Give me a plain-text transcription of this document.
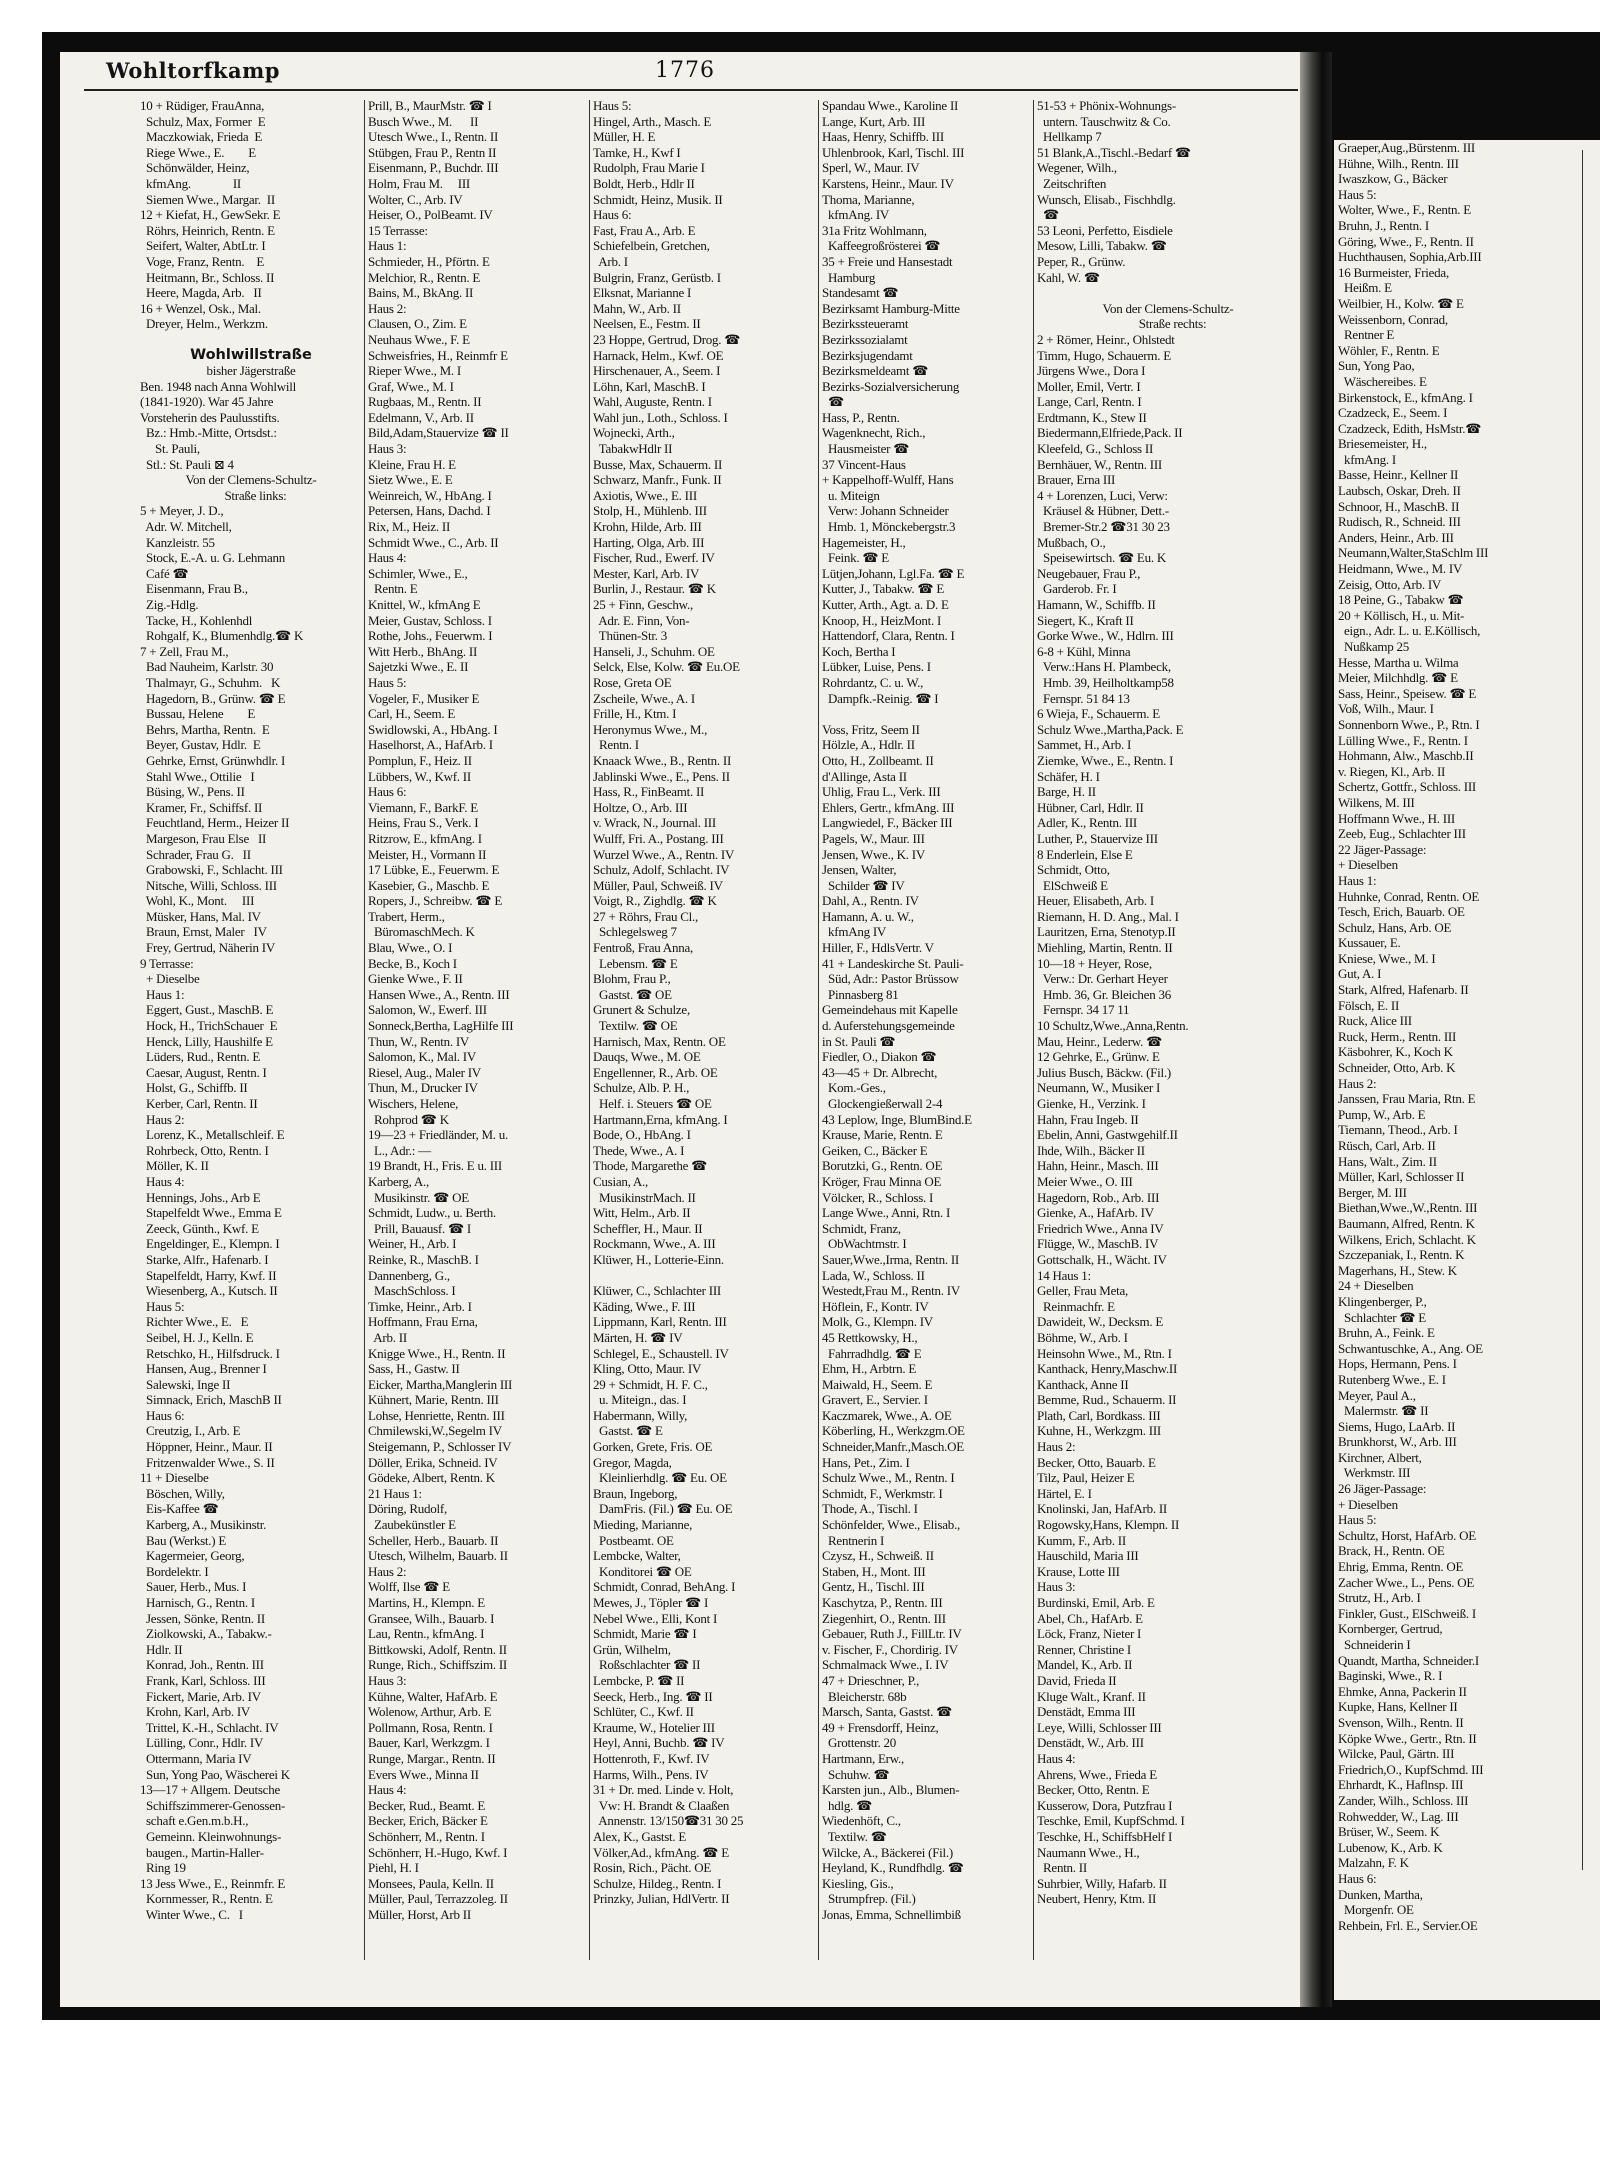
Wohltorfkamp	1776
10 + Rüdiger, FrauAnna,
Schulz, Max, Former  E
Maczkowiak, Frieda  E
Riege Wwe., E.        E
Schönwälder, Heinz,
kfmAng.              II
Siemen Wwe., Margar.  II
12 + Kiefat, H., GewSekr. E
Röhrs, Heinrich, Rentn. E
Seifert, Walter, AbtLtr. I
Voge, Franz, Rentn.    E
Heitmann, Br., Schloss. II
Heere, Magda, Arb.   II
16 + Wenzel, Osk., Mal.
Dreyer, Helm., Werkzm.

Wohlwillstraße
bisher Jägerstraße
Ben. 1948 nach Anna Wohlwill
(1841-1920). War 45 Jahre
Vorsteherin des Paulusstifts.
Bz.: Hmb.-Mitte, Ortsdst.:
St. Pauli,
Stl.: St. Pauli ⊠ 4
Von der Clemens-Schultz-
Straße links:
5 + Meyer, J. D.,
Adr. W. Mitchell,
Kanzleistr. 55
Stock, E.-A. u. G. Lehmann
Café ☎
Eisenmann, Frau B.,
Zig.-Hdlg.
Tacke, H., Kohlenhdl
Rohgalf, K., Blumenhdlg.☎ K
7 + Zell, Frau M.,
Bad Nauheim, Karlstr. 30
Thalmayr, G., Schuhm.   K
Hagedorn, B., Grünw. ☎ E
Bussau, Helene        E
Behrs, Martha, Rentn.  E
Beyer, Gustav, Hdlr.  E
Gehrke, Ernst, Grünwhdlr. I
Stahl Wwe., Ottilie   I
Büsing, W., Pens. II
Kramer, Fr., Schiffsf. II
Feuchtland, Herm., Heizer II
Margeson, Frau Else   II
Schrader, Frau G.   II
Grabowski, F., Schlacht. III
Nitsche, Willi, Schloss. III
Wohl, K., Mont.     III
Müsker, Hans, Mal. IV
Braun, Ernst, Maler   IV
Frey, Gertrud, Näherin IV
9 Terrasse:
+ Dieselbe
Haus 1:
Eggert, Gust., MaschB. E
Hock, H., TrichSchauer  E
Henck, Lilly, Haushilfe E
Lüders, Rud., Rentn. E
Caesar, August, Rentn. I
Holst, G., Schiffb. II
Kerber, Carl, Rentn. II
Haus 2:
Lorenz, K., Metallschleif. E
Rohrbeck, Otto, Rentn. I
Möller, K. II
Haus 4:
Hennings, Johs., Arb E
Stapelfeldt Wwe., Emma E
Zeeck, Günth., Kwf. E
Engeldinger, E., Klempn. I
Starke, Alfr., Hafenarb. I
Stapelfeldt, Harry, Kwf. II
Wiesenberg, A., Kutsch. II
Haus 5:
Richter Wwe., E.   E
Seibel, H. J., Kelln. E
Retschko, H., Hilfsdruck. I
Hansen, Aug., Brenner I
Salewski, Inge II
Simnack, Erich, MaschB II
Haus 6:
Creutzig, I., Arb. E
Höppner, Heinr., Maur. II
Fritzenwalder Wwe., S. II
11 + Dieselbe
Böschen, Willy,
Eis-Kaffee ☎
Karberg, A., Musikinstr.
Bau (Werkst.) E
Kagermeier, Georg,
Bordelektr. I
Sauer, Herb., Mus. I
Harnisch, G., Rentn. I
Jessen, Sönke, Rentn. II
Ziolkowski, A., Tabakw.-
Hdlr. II
Konrad, Joh., Rentn. III
Frank, Karl, Schloss. III
Fickert, Marie, Arb. IV
Krohn, Karl, Arb. IV
Trittel, K.-H., Schlacht. IV
Lülling, Conr., Hdlr. IV
Ottermann, Maria IV
Sun, Yong Pao, Wäscherei K
13—17 + Allgem. Deutsche
Schiffszimmerer-Genossen-
schaft e.Gen.m.b.H.,
Gemeinn. Kleinwohnungs-
baugen., Martin-Haller-
Ring 19
13 Jess Wwe., E., Reinmfr. E
Kornmesser, R., Rentn. E
Winter Wwe., C.   I
Prill, B., MaurMstr. ☎ I
Busch Wwe., M.      II
Utesch Wwe., I., Rentn. II
Stübgen, Frau P., Rentn II
Eisenmann, P., Buchdr. III
Holm, Frau M.     III
Wolter, C., Arb. IV
Heiser, O., PolBeamt. IV
15 Terrasse:
Haus 1:
Schmieder, H., Pförtn. E
Melchior, R., Rentn. E
Bains, M., BkAng. II
Haus 2:
Clausen, O., Zim. E
Neuhaus Wwe., F. E
Schweisfries, H., Reinmfr E
Rieper Wwe., M. I
Graf, Wwe., M. I
Rugbaas, M., Rentn. II
Edelmann, V., Arb. II
Bild,Adam,Stauervize ☎ II
Haus 3:
Kleine, Frau H. E
Sietz Wwe., E. E
Weinreich, W., HbAng. I
Petersen, Hans, Dachd. I
Rix, M., Heiz. II
Schmidt Wwe., C., Arb. II
Haus 4:
Schimler, Wwe., E.,
Rentn. E
Knittel, W., kfmAng E
Meier, Gustav, Schloss. I
Rothe, Johs., Feuerwm. I
Witt Herb., BhAng. II
Sajetzki Wwe., E. II
Haus 5:
Vogeler, F., Musiker E
Carl, H., Seem. E
Swidlowski, A., HbAng. I
Haselhorst, A., HafArb. I
Pomplun, F., Heiz. II
Lübbers, W., Kwf. II
Haus 6:
Viemann, F., BarkF. E
Heins, Frau S., Verk. I
Ritzrow, E., kfmAng. I
Meister, H., Vormann II
17 Lübke, E., Feuerwm. E
Kasebier, G., Maschb. E
Ropers, J., Schreibw. ☎ E
Trabert, Herm.,
BüromaschMech. K
Blau, Wwe., O. I
Becke, B., Koch I
Gienke Wwe., F. II
Hansen Wwe., A., Rentn. III
Salomon, W., Ewerf. III
Sonneck,Bertha, LagHilfe III
Thun, W., Rentn. IV
Salomon, K., Mal. IV
Riesel, Aug., Maler IV
Thun, M., Drucker IV
Wischers, Helene,
Rohprod ☎ K
19—23 + Friedländer, M. u.
L., Adr.: —
19 Brandt, H., Fris. E u. III
Karberg, A.,
Musikinstr. ☎ OE
Schmidt, Ludw., u. Berth.
Prill, Bauausf. ☎ I
Weiner, H., Arb. I
Reinke, R., MaschB. I
Dannenberg, G.,
MaschSchloss. I
Timke, Heinr., Arb. I
Hoffmann, Frau Erna,
Arb. II
Knigge Wwe., H., Rentn. II
Sass, H., Gastw. II
Eicker, Martha,Manglerin III
Kühnert, Marie, Rentn. III
Lohse, Henriette, Rentn. III
Chmilewski,W.,Segelm IV
Steigemann, P., Schlosser IV
Döller, Erika, Schneid. IV
Gödeke, Albert, Rentn. K
21 Haus 1:
Döring, Rudolf,
Zaubekünstler E
Scheller, Herb., Bauarb. II
Utesch, Wilhelm, Bauarb. II
Haus 2:
Wolff, Ilse ☎ E
Martins, H., Klempn. E
Gransee, Wilh., Bauarb. I
Lau, Rentn., kfmAng. I
Bittkowski, Adolf, Rentn. II
Runge, Rich., Schiffszim. II
Haus 3:
Kühne, Walter, HafArb. E
Wolenow, Arthur, Arb. E
Pollmann, Rosa, Rentn. I
Bauer, Karl, Werkzgm. I
Runge, Margar., Rentn. II
Evers Wwe., Minna II
Haus 4:
Becker, Rud., Beamt. E
Becker, Erich, Bäcker E
Schönherr, M., Rentn. I
Schönherr, H.-Hugo, Kwf. I
Piehl, H. I
Monsees, Paula, Kelln. II
Müller, Paul, Terrazzoleg. II
Müller, Horst, Arb II
Haus 5:
Hingel, Arth., Masch. E
Müller, H. E
Tamke, H., Kwf I
Rudolph, Frau Marie I
Boldt, Herb., Hdlr II
Schmidt, Heinz, Musik. II
Haus 6:
Fast, Frau A., Arb. E
Schiefelbein, Gretchen,
Arb. I
Bulgrin, Franz, Gerüstb. I
Elksnat, Marianne I
Mahn, W., Arb. II
Neelsen, E., Festm. II
23 Hoppe, Gertrud, Drog. ☎
Harnack, Helm., Kwf. OE
Hirschenauer, A., Seem. I
Löhn, Karl, MaschB. I
Wahl, Auguste, Rentn. I
Wahl jun., Loth., Schloss. I
Wojnecki, Arth.,
TabakwHdlr II
Busse, Max, Schauerm. II
Schwarz, Manfr., Funk. II
Axiotis, Wwe., E. III
Stolp, H., Mühlenb. III
Krohn, Hilde, Arb. III
Harting, Olga, Arb. III
Fischer, Rud., Ewerf. IV
Mester, Karl, Arb. IV
Burlin, J., Restaur. ☎ K
25 + Finn, Geschw.,
Adr. E. Finn, Von-
Thünen-Str. 3
Hanseli, J., Schuhm. OE
Selck, Else, Kolw. ☎ Eu.OE
Rose, Greta OE
Zscheile, Wwe., A. I
Frille, H., Ktm. I
Heronymus Wwe., M.,
Rentn. I
Knaack Wwe., B., Rentn. II
Jablinski Wwe., E., Pens. II
Hass, R., FinBeamt. II
Holtze, O., Arb. III
v. Wrack, N., Journal. III
Wulff, Fri. A., Postang. III
Wurzel Wwe., A., Rentn. IV
Schulz, Adolf, Schlacht. IV
Müller, Paul, Schweiß. IV
Voigt, R., Zighdlg. ☎ K
27 + Röhrs, Frau Cl.,
Schlegelsweg 7
Fentroß, Frau Anna,
Lebensm. ☎ E
Blohm, Frau P.,
Gastst. ☎ OE
Grunert & Schulze,
Textilw. ☎ OE
Harnisch, Max, Rentn. OE
Dauqs, Wwe., M. OE
Engellenner, R., Arb. OE
Schulze, Alb. P. H.,
Helf. i. Steuers ☎ OE
Hartmann,Erna, kfmAng. I
Bode, O., HbAng. I
Thede, Wwe., A. I
Thode, Margarethe ☎
Cusian, A.,
MusikinstrMach. II
Witt, Helm., Arb. II
Scheffler, H., Maur. II
Rockmann, Wwe., A. III
Klüwer, H., Lotterie-Einn.

Klüwer, C., Schlachter III
Käding, Wwe., F. III
Lippmann, Karl, Rentn. III
Märten, H. ☎ IV
Schlegel, E., Schaustell. IV
Kling, Otto, Maur. IV
29 + Schmidt, H. F. C.,
u. Miteign., das. I
Habermann, Willy,
Gastst. ☎ E
Gorken, Grete, Fris. OE
Gregor, Magda,
Kleinlierhdlg. ☎ Eu. OE
Braun, Ingeborg,
DamFris. (Fil.) ☎ Eu. OE
Mieding, Marianne,
Postbeamt. OE
Lembcke, Walter,
Konditorei ☎ OE
Schmidt, Conrad, BehAng. I
Mewes, J., Töpler ☎ I
Nebel Wwe., Elli, Kont I
Schmidt, Marie ☎ I
Grün, Wilhelm,
Roßschlachter ☎ II
Lembcke, P. ☎ II
Seeck, Herb., Ing. ☎ II
Schlüter, C., Kwf. II
Kraume, W., Hotelier III
Heyl, Anni, Buchb. ☎ IV
Hottenroth, F., Kwf. IV
Harms, Wilh., Pens. IV
31 + Dr. med. Linde v. Holt,
Vw: H. Brandt & Claaßen
Annenstr. 13/150☎31 30 25
Alex, K., Gastst. E
Völker,Ad., kfmAng. ☎ E
Rosin, Rich., Pächt. OE
Schulze, Hildeg., Rentn. I
Prinzky, Julian, HdlVertr. II
Spandau Wwe., Karoline II
Lange, Kurt, Arb. III
Haas, Henry, Schiffb. III
Uhlenbrook, Karl, Tischl. III
Sperl, W., Maur. IV
Karstens, Heinr., Maur. IV
Thoma, Marianne,
kfmAng. IV
31a Fritz Wohlmann,
Kaffeegroßrösterei ☎
35 + Freie und Hansestadt
Hamburg
Standesamt ☎
Bezirksamt Hamburg-Mitte
Bezirkssteueramt
Bezirkssozialamt
Bezirksjugendamt
Bezirksmeldeamt ☎
Bezirks-Sozialversicherung
☎
Hass, P., Rentn.
Wagenknecht, Rich.,
Hausmeister ☎
37 Vincent-Haus
+ Kappelhoff-Wulff, Hans
u. Miteign
Verw: Johann Schneider
Hmb. 1, Mönckebergstr.3
Hagemeister, H.,
Feink. ☎ E
Lütjen,Johann, Lgl.Fa. ☎ E
Kutter, J., Tabakw. ☎ E
Kutter, Arth., Agt. a. D. E
Knoop, H., HeizMont. I
Hattendorf, Clara, Rentn. I
Koch, Bertha I
Lübker, Luise, Pens. I
Rohrdantz, C. u. W.,
Dampfk.-Reinig. ☎ I

Voss, Fritz, Seem II
Hölzle, A., Hdlr. II
Otto, H., Zollbeamt. II
d'Allinge, Asta II
Uhlig, Frau L., Verk. III
Ehlers, Gertr., kfmAng. III
Langwiedel, F., Bäcker III
Pagels, W., Maur. III
Jensen, Wwe., K. IV
Jensen, Walter,
Schilder ☎ IV
Dahl, A., Rentn. IV
Hamann, A. u. W.,
kfmAng IV
Hiller, F., HdlsVertr. V
41 + Landeskirche St. Pauli-
Süd, Adr.: Pastor Brüssow
Pinnasberg 81
Gemeindehaus mit Kapelle
d. Auferstehungsgemeinde
in St. Pauli ☎
Fiedler, O., Diakon ☎
43—45 + Dr. Albrecht,
Kom.-Ges.,
Glockengießerwall 2-4
43 Leplow, Inge, BlumBind.E
Krause, Marie, Rentn. E
Geiken, C., Bäcker E
Borutzki, G., Rentn. OE
Kröger, Frau Minna OE
Völcker, R., Schloss. I
Lange Wwe., Anni, Rtn. I
Schmidt, Franz,
ObWachtmstr. I
Sauer,Wwe.,Irma, Rentn. II
Lada, W., Schloss. II
Westedt,Frau M., Rentn. IV
Höflein, F., Kontr. IV
Molk, G., Klempn. IV
45 Rettkowsky, H.,
Fahrradhdlg. ☎ E
Ehm, H., Arbtrn. E
Maiwald, H., Seem. E
Gravert, E., Servier. I
Kaczmarek, Wwe., A. OE
Köberling, H., Werkzgm.OE
Schneider,Manfr.,Masch.OE
Hans, Pet., Zim. I
Schulz Wwe., M., Rentn. I
Schmidt, F., Werkmstr. I
Thode, A., Tischl. I
Schönfelder, Wwe., Elisab.,
Rentnerin I
Czysz, H., Schweiß. II
Staben, H., Mont. III
Gentz, H., Tischl. III
Kaschytza, P., Rentn. III
Ziegenhirt, O., Rentn. III
Gebauer, Ruth J., FillLtr. IV
v. Fischer, F., Chordirig. IV
Schmalmack Wwe., I. IV
47 + Drieschner, P.,
Bleicherstr. 68b
Marsch, Santa, Gastst. ☎
49 + Frensdorff, Heinz,
Grottenstr. 20
Hartmann, Erw.,
Schuhw. ☎
Karsten jun., Alb., Blumen-
hdlg. ☎
Wiedenhöft, C.,
Textilw. ☎
Wilcke, A., Bäckerei (Fil.)
Heyland, K., Rundfhdlg. ☎
Kiesling, Gis.,
Strumpfrep. (Fil.)
Jonas, Emma, Schnellimbiß
51-53 + Phönix-Wohnungs-
untern. Tauschwitz & Co.
Hellkamp 7
51 Blank,A.,Tischl.-Bedarf ☎
Wegener, Wilh.,
Zeitschriften
Wunsch, Elisab., Fischhdlg.
☎
53 Leoni, Perfetto, Eisdiele
Mesow, Lilli, Tabakw. ☎
Peper, R., Grünw.
Kahl, W. ☎

Von der Clemens-Schultz-
Straße rechts:
2 + Römer, Heinr., Ohlstedt
Timm, Hugo, Schauerm. E
Jürgens Wwe., Dora I
Moller, Emil, Vertr. I
Lange, Carl, Rentn. I
Erdtmann, K., Stew II
Biedermann,Elfriede,Pack. II
Kleefeld, G., Schloss II
Bernhäuer, W., Rentn. III
Brauer, Erna III
4 + Lorenzen, Luci, Verw:
Kräusel & Hübner, Dett.-
Bremer-Str.2 ☎31 30 23
Mußbach, O.,
Speisewirtsch. ☎ Eu. K
Neugebauer, Frau P.,
Garderob. Fr. I
Hamann, W., Schiffb. II
Siegert, K., Kraft II
Gorke Wwe., W., Hdlrn. III
6-8 + Kühl, Minna
Verw.:Hans H. Plambeck,
Hmb. 39, Heilholtkamp58
Fernspr. 51 84 13
6 Wieja, F., Schauerm. E
Schulz Wwe.,Martha,Pack. E
Sammet, H., Arb. I
Ziemke, Wwe., E., Rentn. I
Schäfer, H. I
Barge, H. II
Hübner, Carl, Hdlr. II
Adler, K., Rentn. III
Luther, P., Stauervize III
8 Enderlein, Else E
Schmidt, Otto,
ElSchweiß E
Heuer, Elisabeth, Arb. I
Riemann, H. D. Ang., Mal. I
Lauritzen, Erna, Stenotyp.II
Miehling, Martin, Rentn. II
10—18 + Heyer, Rose,
Verw.: Dr. Gerhart Heyer
Hmb. 36, Gr. Bleichen 36
Fernspr. 34 17 11
10 Schultz,Wwe.,Anna,Rentn.
Mau, Heinr., Lederw. ☎
12 Gehrke, E., Grünw. E
Julius Busch, Bäckw. (Fil.)
Neumann, W., Musiker I
Gienke, H., Verzink. I
Hahn, Frau Ingeb. II
Ebelin, Anni, Gastwgehilf.II
Ihde, Wilh., Bäcker II
Hahn, Heinr., Masch. III
Meier Wwe., O. III
Hagedorn, Rob., Arb. III
Gienke, A., HafArb. IV
Friedrich Wwe., Anna IV
Flügge, W., MaschB. IV
Gottschalk, H., Wächt. IV
14 Haus 1:
Geller, Frau Meta,
Reinmachfr. E
Dawideit, W., Decksm. E
Böhme, W., Arb. I
Heinsohn Wwe., M., Rtn. I
Kanthack, Henry,Maschw.II
Kanthack, Anne II
Bemme, Rud., Schauerm. II
Plath, Carl, Bordkass. III
Kuhne, H., Werkzgm. III
Haus 2:
Becker, Otto, Bauarb. E
Tilz, Paul, Heizer E
Härtel, E. I
Knolinski, Jan, HafArb. II
Rogowsky,Hans, Klempn. II
Kumm, F., Arb. II
Hauschild, Maria III
Krause, Lotte III
Haus 3:
Burdinski, Emil, Arb. E
Abel, Ch., HafArb. E
Löck, Franz, Nieter I
Renner, Christine I
Mandel, K., Arb. II
David, Frieda II
Kluge Walt., Kranf. II
Denstädt, Emma III
Leye, Willi, Schlosser III
Denstädt, W., Arb. III
Haus 4:
Ahrens, Wwe., Frieda E
Becker, Otto, Rentn. E
Kusserow, Dora, Putzfrau I
Teschke, Emil, KupfSchmd. I
Teschke, H., SchiffsbHelf I
Naumann Wwe., H.,
Rentn. II
Suhrbier, Willy, Hafarb. II
Neubert, Henry, Ktm. II
Graeper,Aug.,Bürstenm. III
Hühne, Wilh., Rentn. III
Iwaszkow, G., Bäcker
Haus 5:
Wolter, Wwe., F., Rentn. E
Bruhn, J., Rentn. I
Göring, Wwe., F., Rentn. II
Huchthausen, Sophia,Arb.III
16 Burmeister, Frieda,
Heißm. E
Weilbier, H., Kolw. ☎ E
Weissenborn, Conrad,
Rentner E
Wöhler, F., Rentn. E
Sun, Yong Pao,
Wäschereibes. E
Birkenstock, E., kfmAng. I
Czadzeck, E., Seem. I
Czadzeck, Edith, HsMstr.☎
Briesemeister, H.,
kfmAng. I
Basse, Heinr., Kellner II
Laubsch, Oskar, Dreh. II
Schnoor, H., MaschB. II
Rudisch, R., Schneid. III
Anders, Heinr., Arb. III
Neumann,Walter,StaSchlm III
Heidmann, Wwe., M. IV
Zeisig, Otto, Arb. IV
18 Peine, G., Tabakw ☎
20 + Köllisch, H., u. Mit-
eign., Adr. L. u. E.Köllisch,
Nußkamp 25
Hesse, Martha u. Wilma
Meier, Milchhdlg. ☎ E
Sass, Heinr., Speisew. ☎ E
Voß, Wilh., Maur. I
Sonnenborn Wwe., P., Rtn. I
Lülling Wwe., F., Rentn. I
Hohmann, Alw., Maschb.II
v. Riegen, Kl., Arb. II
Schertz, Gottfr., Schloss. III
Wilkens, M. III
Hoffmann Wwe., H. III
Zeeb, Eug., Schlachter III
22 Jäger-Passage:
+ Dieselben
Haus 1:
Huhnke, Conrad, Rentn. OE
Tesch, Erich, Bauarb. OE
Schulz, Hans, Arb. OE
Kussauer, E.
Kniese, Wwe., M. I
Gut, A. I
Stark, Alfred, Hafenarb. II
Fölsch, E. II
Ruck, Alice III
Ruck, Herm., Rentn. III
Käsbohrer, K., Koch K
Schneider, Otto, Arb. K
Haus 2:
Janssen, Frau Maria, Rtn. E
Pump, W., Arb. E
Tiemann, Theod., Arb. I
Rüsch, Carl, Arb. II
Hans, Walt., Zim. II
Müller, Karl, Schlosser II
Berger, M. III
Biethan,Wwe.,W.,Rentn. III
Baumann, Alfred, Rentn. K
Wilkens, Erich, Schlacht. K
Szczepaniak, I., Rentn. K
Magerhans, H., Stew. K
24 + Dieselben
Klingenberger, P.,
Schlachter ☎ E
Bruhn, A., Feink. E
Schwantuschke, A., Ang. OE
Hops, Hermann, Pens. I
Rutenberg Wwe., E. I
Meyer, Paul A.,
Malermstr. ☎ II
Siems, Hugo, LaArb. II
Brunkhorst, W., Arb. III
Kirchner, Albert,
Werkmstr. III
26 Jäger-Passage:
+ Dieselben
Haus 5:
Schultz, Horst, HafArb. OE
Brack, H., Rentn. OE
Ehrig, Emma, Rentn. OE
Zacher Wwe., L., Pens. OE
Strutz, H., Arb. I
Finkler, Gust., ElSchweiß. I
Kornberger, Gertrud,
Schneiderin I
Quandt, Martha, Schneider.I
Baginski, Wwe., R. I
Ehmke, Anna, Packerin II
Kupke, Hans, Kellner II
Svenson, Wilh., Rentn. II
Köpke Wwe., Gertr., Rtn. II
Wilcke, Paul, Gärtn. III
Friedrich,O., KupfSchmd. III
Ehrhardt, K., Haflnsp. III
Zander, Wilh., Schloss. III
Rohwedder, W., Lag. III
Brüser, W., Seem. K
Lubenow, K., Arb. K
Malzahn, F. K
Haus 6:
Dunken, Martha,
Morgenfr. OE
Rehbein, Frl. E., Servier.OE
